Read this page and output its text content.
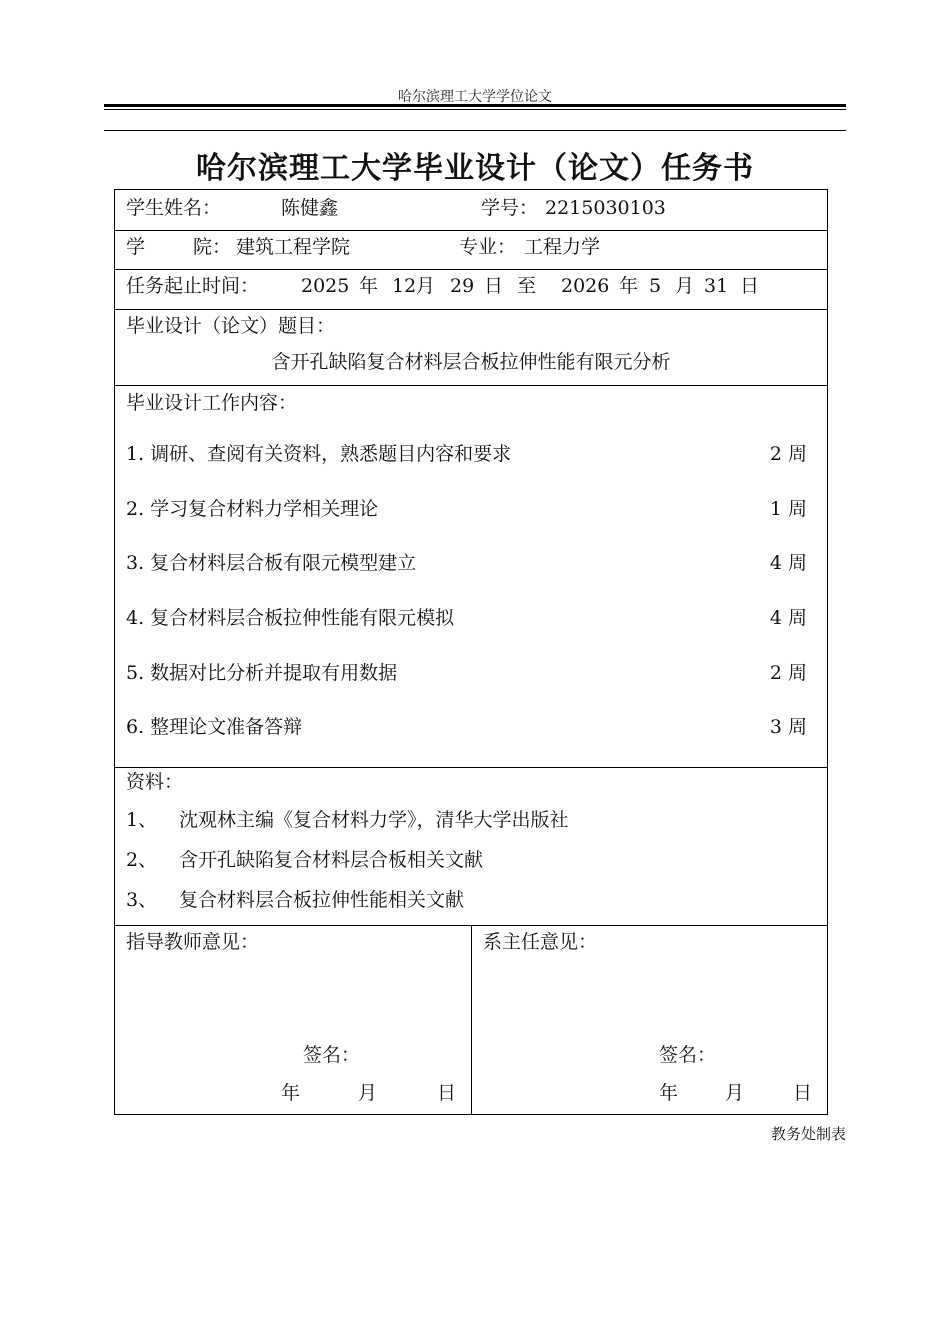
哈尔滨理工大学学位论文
哈尔滨理工大学毕业设计（论文）任务书
学生姓名：	陈健鑫	学号： 2215030103
学	院： 建筑工程学院	专业： 工程力学
任务起止时间： 2025 年 12 月 29 日 至 2026 年 5 月 31 日
毕业设计（论文）题目：
含开孔缺陷复合材料层合板拉伸性能有限元分析
毕业设计工作内容：
1. 调研、查阅有关资料，熟悉题目内容和要求	2 周
2. 学习复合材料力学相关理论	1 周
3. 复合材料层合板有限元模型建立	4 周
4. 复合材料层合板拉伸性能有限元模拟	4 周
5. 数据对比分析并提取有用数据	2 周
6. 整理论文准备答辩	3 周
资料：
1、 沈观林主编《复合材料力学》，清华大学出版社
2、 含开孔缺陷复合材料层合板相关文献
3、 复合材料层合板拉伸性能相关文献
指导教师意见：
签名：
年	月	日
系主任意见：
签名：
年 月	日
教务处制表
